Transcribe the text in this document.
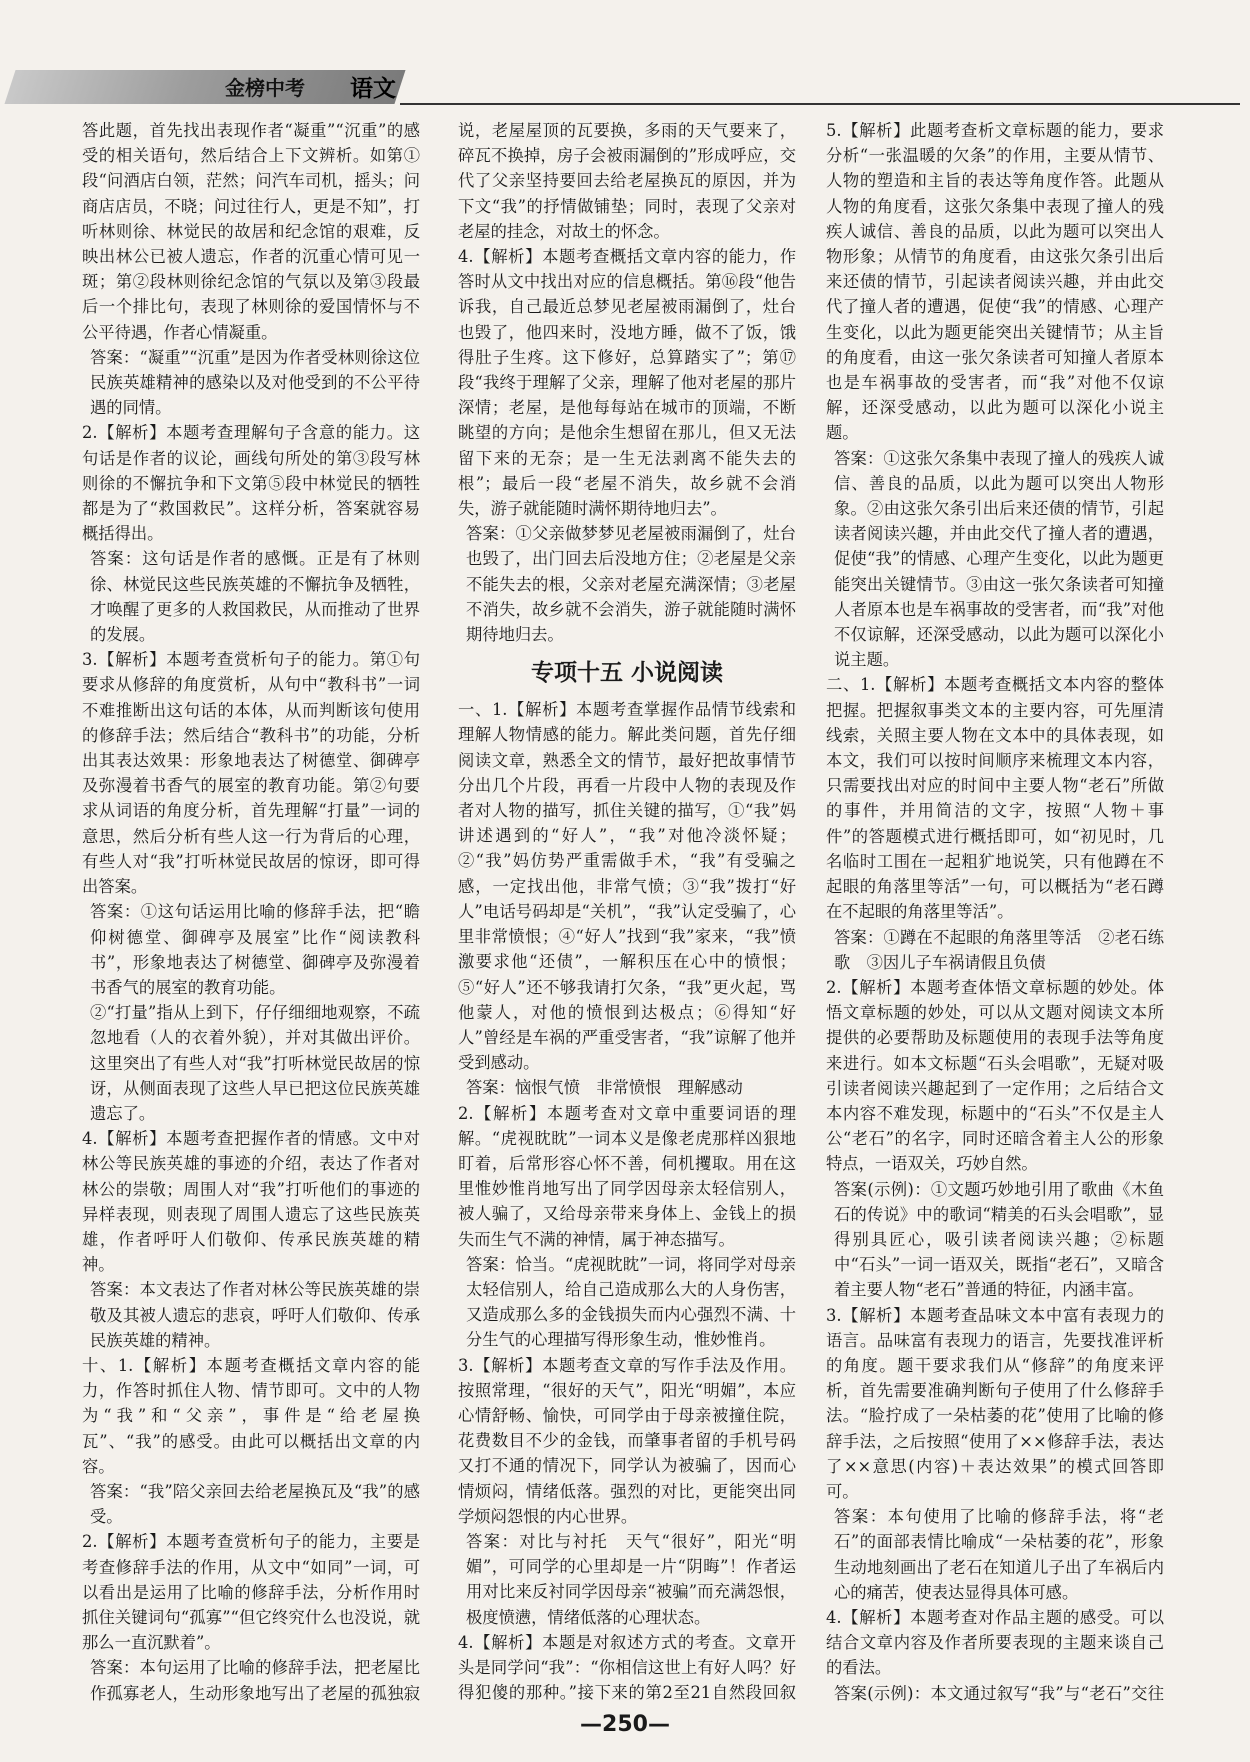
金榜中考 语文

答此题，首先找出表现作者“凝重”“沉重”的感受的相关语句，然后结合上下文辨析。如第①段“问酒店白领，茫然；问汽车司机，摇头；问商店店员，不晓；问过往行人，更是不知”，打听林则徐、林觉民的故居和纪念馆的艰难，反映出林公已被人遗忘，作者的沉重心情可见一斑；第②段林则徐纪念馆的气氛以及第③段最后一个排比句，表现了林则徐的爱国情怀与不公平待遇，作者心情凝重。

答案：“凝重”“沉重”是因为作者受林则徐这位民族英雄精神的感染以及对他受到的不公平待遇的同情。

2.【解析】本题考查理解句子含意的能力。这句话是作者的议论，画线句所处的第③段写林则徐的不懈抗争和下文第⑤段中林觉民的牺牲都是为了“救国救民”。这样分析，答案就容易概括得出。

答案：这句话是作者的感慨。正是有了林则徐、林觉民这些民族英雄的不懈抗争及牺牲，才唤醒了更多的人救国救民，从而推动了世界的发展。

3.【解析】本题考查赏析句子的能力。第①句要求从修辞的角度赏析，从句中“教科书”一词不难推断出这句话的本体，从而判断该句使用的修辞手法；然后结合“教科书”的功能，分析出其表达效果：形象地表达了树德堂、御碑亭及弥漫着书香气的展室的教育功能。第②句要求从词语的角度分析，首先理解“打量”一词的意思，然后分析有些人这一行为背后的心理，有些人对“我”打听林觉民故居的惊讶，即可得出答案。

答案：①这句话运用比喻的修辞手法，把“瞻仰树德堂、御碑亭及展室”比作“阅读教科书”，形象地表达了树德堂、御碑亭及弥漫着书香气的展室的教育功能。

②“打量”指从上到下，仔仔细细地观察，不疏忽地看（人的衣着外貌），并对其做出评价。这里突出了有些人对“我”打听林觉民故居的惊讶，从侧面表现了这些人早已把这位民族英雄遗忘了。

4.【解析】本题考查把握作者的情感。文中对林公等民族英雄的事迹的介绍，表达了作者对林公的崇敬；周围人对“我”打听他们的事迹的异样表现，则表现了周围人遗忘了这些民族英雄，作者呼吁人们敬仰、传承民族英雄的精神。

答案：本文表达了作者对林公等民族英雄的崇敬及其被人遗忘的悲哀，呼吁人们敬仰、传承民族英雄的精神。

十、1.【解析】本题考查概括文章内容的能力，作答时抓住人物、情节即可。文中的人物为“我”和“父亲”，事件是“给老屋换瓦”、“我”的感受。由此可以概括出文章的内容。

答案：“我”陪父亲回去给老屋换瓦及“我”的感受。

2.【解析】本题考查赏析句子的能力，主要是考查修辞手法的作用，从文中“如同”一词，可以看出是运用了比喻的修辞手法，分析作用时抓住关键词句“孤寡”“但它终究什么也没说，就那么一直沉默着”。

答案：本句运用了比喻的修辞手法，把老屋比作孤寡老人，生动形象地写出了老屋的孤独寂

说，老屋屋顶的瓦要换，多雨的天气要来了，碎瓦不换掉，房子会被雨漏倒的”形成呼应，交代了父亲坚持要回去给老屋换瓦的原因，并为下文“我”的抒情做铺垫；同时，表现了父亲对老屋的挂念，对故土的怀念。

4.【解析】本题考查概括文章内容的能力，作答时从文中找出对应的信息概括。第⑯段“他告诉我，自己最近总梦见老屋被雨漏倒了，灶台也毁了，他四来时，没地方睡，做不了饭，饿得肚子生疼。这下修好，总算踏实了”；第⑰段“我终于理解了父亲，理解了他对老屋的那片深情；老屋，是他每每站在城市的顶端，不断眺望的方向；是他余生想留在那儿，但又无法留下来的无奈；是一生无法剥离不能失去的根”；最后一段“老屋不消失，故乡就不会消失，游子就能随时满怀期待地归去”。

答案：①父亲做梦梦见老屋被雨漏倒了，灶台也毁了，出门回去后没地方住；②老屋是父亲不能失去的根，父亲对老屋充满深情；③老屋不消失，故乡就不会消失，游子就能随时满怀期待地归去。

专项十五 小说阅读

一、1.【解析】本题考查掌握作品情节线索和理解人物情感的能力。解此类问题，首先仔细阅读文章，熟悉全文的情节，最好把故事情节分出几个片段，再看一片段中人物的表现及作者对人物的描写，抓住关键的描写，①“我”妈讲述遇到的“好人”，“我”对他冷淡怀疑；②“我”妈仿势严重需做手术，“我”有受骗之感，一定找出他，非常气愤；③“我”拨打“好人”电话号码却是“关机”，“我”认定受骗了，心里非常愤恨；④“好人”找到“我”家来，“我”愤激要求他“还债”，一解积压在心中的愤恨；⑤“好人”还不够我请打欠条，“我”更火起，骂他蒙人，对他的愤恨到达极点；⑥得知“好人”曾经是车祸的严重受害者，“我”谅解了他并受到感动。

答案：恼恨气愤　非常愤恨　理解感动

2.【解析】本题考查对文章中重要词语的理解。“虎视眈眈”一词本义是像老虎那样凶狠地盯着，后常形容心怀不善，伺机攫取。用在这里惟妙惟肖地写出了同学因母亲太轻信别人，被人骗了，又给母亲带来身体上、金钱上的损失而生气不满的神情，属于神态描写。

答案：恰当。“虎视眈眈”一词，将同学对母亲太轻信别人，给自己造成那么大的人身伤害，又造成那么多的金钱损失而内心强烈不满、十分生气的心理描写得形象生动，惟妙惟肖。

3.【解析】本题考查文章的写作手法及作用。按照常理，“很好的天气”，阳光“明媚”，本应心情舒畅、愉快，可同学由于母亲被撞住院，花费数目不少的金钱，而肇事者留的手机号码又打不通的情况下，同学认为被骗了，因而心情烦闷，情绪低落。强烈的对比，更能突出同学烦闷怨恨的内心世界。

答案：对比与衬托　天气“很好”，阳光“明媚”，可同学的心里却是一片“阴晦”！作者运用对比来反衬同学因母亲“被骗”而充满怨恨，极度愤懑，情绪低落的心理状态。

4.【解析】本题是对叙述方式的考查。文章开头是同学问“我”：“你相信这世上有好人吗？好得犯傻的那种。”接下来的第2至21自然段回叙

5.【解析】此题考查析文章标题的能力，要求分析“一张温暖的欠条”的作用，主要从情节、人物的塑造和主旨的表达等角度作答。此题从人物的角度看，这张欠条集中表现了撞人的残疾人诚信、善良的品质，以此为题可以突出人物形象；从情节的角度看，由这张欠条引出后来还债的情节，引起读者阅读兴趣，并由此交代了撞人者的遭遇，促使“我”的情感、心理产生变化，以此为题更能突出关键情节；从主旨的角度看，由这一张欠条读者可知撞人者原本也是车祸事故的受害者，而“我”对他不仅谅解，还深受感动，以此为题可以深化小说主题。

答案：①这张欠条集中表现了撞人的残疾人诚信、善良的品质，以此为题可以突出人物形象。②由这张欠条引出后来还债的情节，引起读者阅读兴趣，并由此交代了撞人者的遭遇，促使“我”的情感、心理产生变化，以此为题更能突出关键情节。③由这一张欠条读者可知撞人者原本也是车祸事故的受害者，而“我”对他不仅谅解，还深受感动，以此为题可以深化小说主题。

二、1.【解析】本题考查概括文本内容的整体把握。把握叙事类文本的主要内容，可先厘清线索，关照主要人物在文本中的具体表现，如本文，我们可以按时间顺序来梳理文本内容，只需要找出对应的时间中主要人物“老石”所做的事件，并用简洁的文字，按照“人物＋事件”的答题模式进行概括即可，如“初见时，几名临时工围在一起粗犷地说笑，只有他蹲在不起眼的角落里等活”一句，可以概括为“老石蹲在不起眼的角落里等活”。

答案：①蹲在不起眼的角落里等活　②老石练歌　③因儿子车祸请假且负债

2.【解析】本题考查体悟文章标题的妙处。体悟文章标题的妙处，可以从文题对阅读文本所提供的必要帮助及标题使用的表现手法等角度来进行。如本文标题“石头会唱歌”，无疑对吸引读者阅读兴趣起到了一定作用；之后结合文本内容不难发现，标题中的“石头”不仅是主人公“老石”的名字，同时还暗含着主人公的形象特点，一语双关，巧妙自然。

答案(示例)：①文题巧妙地引用了歌曲《木鱼石的传说》中的歌词“精美的石头会唱歌”，显得别具匠心，吸引读者阅读兴趣；②标题中“石头”一词一语双关，既指“老石”，又暗含着主要人物“老石”普通的特征，内涵丰富。

3.【解析】本题考查品味文本中富有表现力的语言。品味富有表现力的语言，先要找准评析的角度。题干要求我们从“修辞”的角度来评析，首先需要准确判断句子使用了什么修辞手法。“脸拧成了一朵枯萎的花”使用了比喻的修辞手法，之后按照“使用了××修辞手法，表达了××意思(内容)＋表达效果”的模式回答即可。

答案：本句使用了比喻的修辞手法，将“老石”的面部表情比喻成“一朵枯萎的花”，形象生动地刻画出了老石在知道儿子出了车祸后内心的痛苦，使表达显得具体可感。

4.【解析】本题考查对作品主题的感受。可以结合文章内容及作者所要表现的主题来谈自己的看法。

答案(示例)：本文通过叙写“我”与“老石”交往

—250—
